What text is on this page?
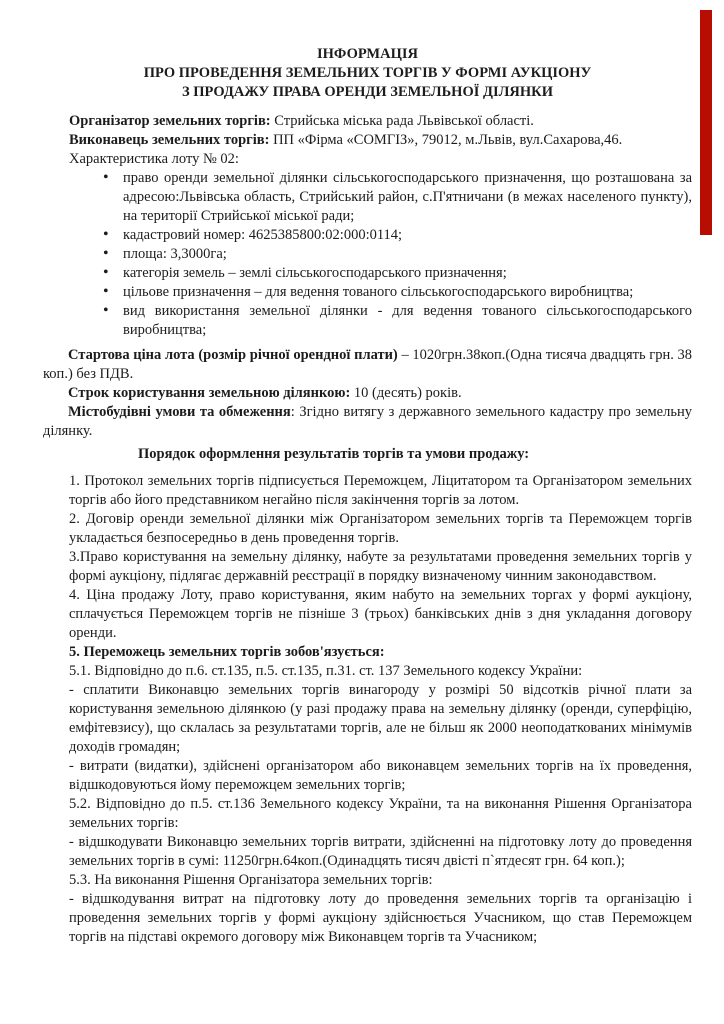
ІНФОРМАЦІЯ
ПРО ПРОВЕДЕННЯ ЗЕМЕЛЬНИХ ТОРГІВ У ФОРМІ АУКЦІОНУ
З ПРОДАЖУ ПРАВА ОРЕНДИ ЗЕМЕЛЬНОЇ ДІЛЯНКИ

Організатор земельних торгів: Стрийська міська рада Львівської області.

Виконавець земельних торгів: ПП «Фірма «СОМГІЗ», 79012, м.Львів, вул.Сахарова,46.

Характеристика лоту № 02:

• право оренди земельної ділянки сільськогосподарського призначення, що розташована за адресою:Львівська область, Стрийський район, с.П'ятничани (в межах населеного пункту), на території Стрийської міської ради;
• кадастровий номер: 4625385800:02:000:0114;
• площа: 3,3000га;
• категорія земель – землі сільськогосподарського призначення;
• цільове призначення – для ведення тованого сільськогосподарського виробництва;
• вид використання земельної ділянки - для ведення тованого сільськогосподарського виробництва;

Стартова ціна лота (розмір річної орендної плати) – 1020грн.38коп.(Одна тисяча двадцять грн. 38 коп.) без ПДВ.

Строк користування земельною ділянкою: 10 (десять) років.

Містобудівні умови та обмеження: Згідно витягу з державного земельного кадастру про земельну ділянку.

Порядок оформлення результатів торгів та умови продажу:

1. Протокол земельних торгів підписується Переможцем, Ліцитатором та Організатором земельних торгів або його представником негайно після закінчення торгів за лотом.

2. Договір оренди земельної ділянки між Організатором земельних торгів та Переможцем торгів укладається безпосередньо в день проведення торгів.

3.Право користування на земельну ділянку, набуте за результатами проведення земельних торгів у формі аукціону, підлягає державній реєстрації в порядку визначеному чинним законодавством.

4. Ціна продажу Лоту, право користування, яким набуто на земельних торгах у формі аукціону, сплачується Переможцем торгів не пізніше 3 (трьох) банківських днів з дня укладання договору оренди.

5. Переможець земельних торгів зобов'язується:

5.1. Відповідно до п.6. ст.135, п.5. ст.135, п.31. ст. 137 Земельного кодексу України:

- сплатити Виконавцю земельних торгів винагороду у розмірі 50 відсотків річної плати за користування земельною ділянкою (у разі продажу права на земельну ділянку (оренди, суперфіцію, емфітевзису), що склалась за результатами торгів, але не більш як 2000 неоподаткованих мінімумів доходів громадян;

- витрати (видатки), здійснені організатором або виконавцем земельних торгів на їх проведення, відшкодовуються йому переможцем земельних торгів;

5.2. Відповідно до п.5. ст.136 Земельного кодексу України, та на виконання Рішення Організатора земельних торгів:

- відшкодувати Виконавцю земельних торгів витрати, здійсненні на підготовку лоту до проведення земельних торгів в сумі: 11250грн.64коп.(Одинадцять тисяч двісті п`ятдесят грн. 64 коп.);

5.3. На виконання Рішення Організатора земельних торгів:

- відшкодування витрат на підготовку лоту до проведення земельних торгів та організацію і проведення земельних торгів у формі аукціону здійснюється Учасником, що став Переможцем торгів на підставі окремого договору між Виконавцем торгів та Учасником;
